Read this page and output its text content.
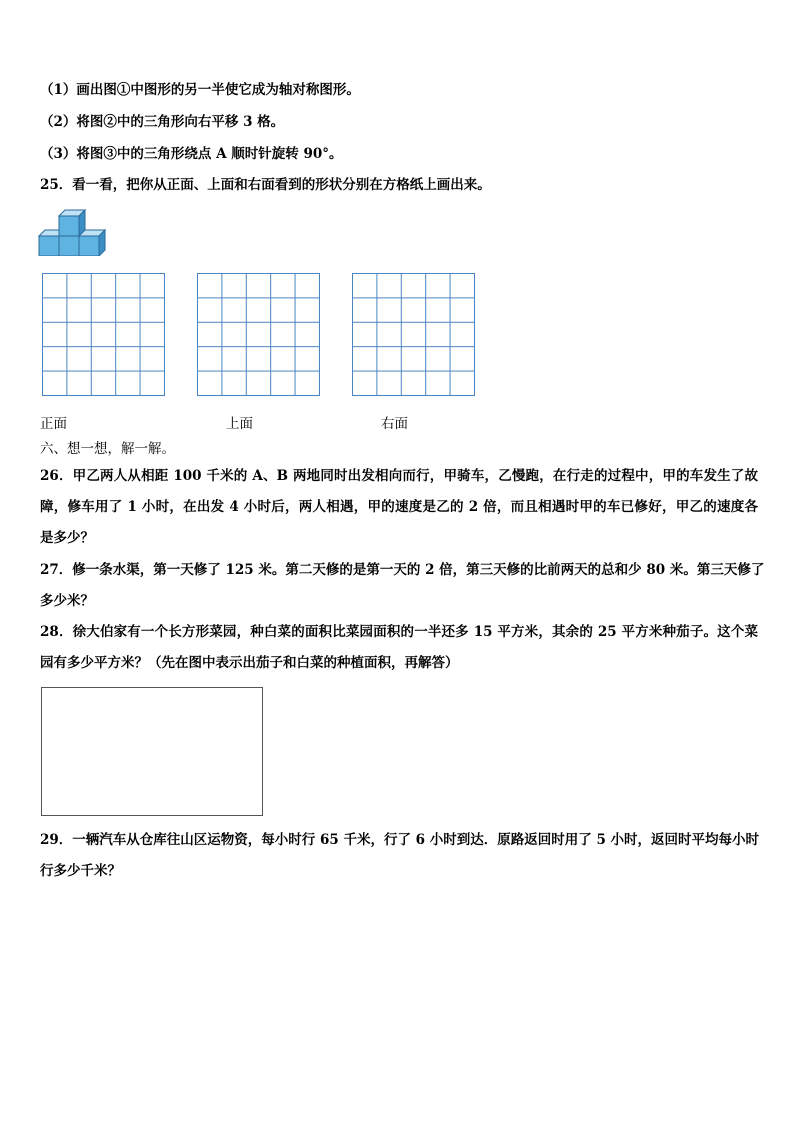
（1）画出图①中图形的另一半使它成为轴对称图形。
（2）将图②中的三角形向右平移 3 格。
（3）将图③中的三角形绕点 A 顺时针旋转 90°。
25．看一看，把你从正面、上面和右面看到的形状分别在方格纸上画出来。
正面	上面	右面
六、想一想，解一解。
26．甲乙两人从相距 100 千米的 A、B 两地同时出发相向而行，甲骑车，乙慢跑，在行走的过程中，甲的车发生了故
障，修车用了 1 小时，在出发 4 小时后，两人相遇，甲的速度是乙的 2 倍，而且相遇时甲的车已修好，甲乙的速度各
是多少？
27．修一条水渠，第一天修了 125 米。第二天修的是第一天的 2 倍，第三天修的比前两天的总和少 80 米。第三天修了
多少米？
28．徐大伯家有一个长方形菜园，种白菜的面积比菜园面积的一半还多 15 平方米，其余的 25 平方米种茄子。这个菜
园有多少平方米？（先在图中表示出茄子和白菜的种植面积，再解答）
29．一辆汽车从仓库往山区运物资，每小时行 65 千米，行了 6 小时到达．原路返回时用了 5 小时，返回时平均每小时
行多少千米？
